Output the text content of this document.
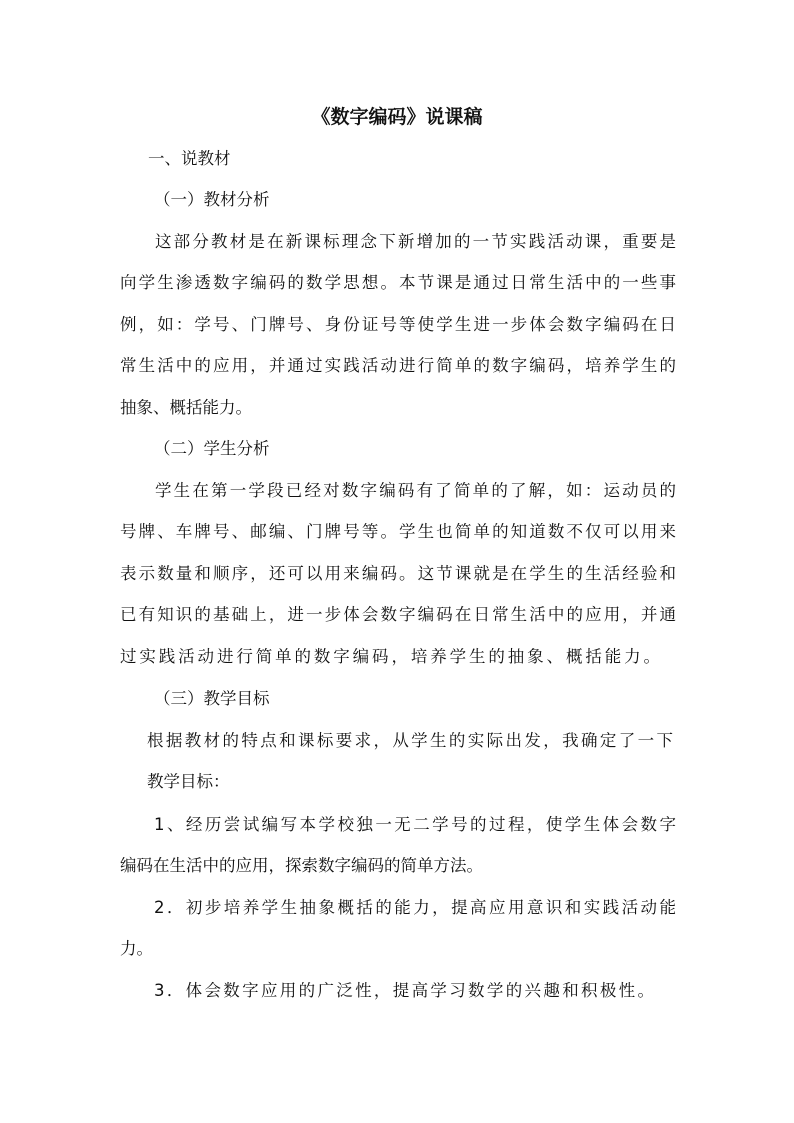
《数字编码》说课稿
一、说教材
（一）教材分析
这部分教材是在新课标理念下新增加的一节实践活动课，重要是
向学生渗透数字编码的数学思想。本节课是通过日常生活中的一些事
例，如：学号、门牌号、身份证号等使学生进一步体会数字编码在日
常生活中的应用，并通过实践活动进行简单的数字编码，培养学生的
抽象、概括能力。
（二）学生分析
学生在第一学段已经对数字编码有了简单的了解，如：运动员的
号牌、车牌号、邮编、门牌号等。学生也简单的知道数不仅可以用来
表示数量和顺序，还可以用来编码。这节课就是在学生的生活经验和
已有知识的基础上，进一步体会数字编码在日常生活中的应用，并通
过实践活动进行简单的数字编码，培养学生的抽象、概括能力。
（三）教学目标
根据教材的特点和课标要求，从学生的实际出发，我确定了一下
教学目标：
1、经历尝试编写本学校独一无二学号的过程，使学生体会数字
编码在生活中的应用，探索数字编码的简单方法。
2．初步培养学生抽象概括的能力，提高应用意识和实践活动能
力。
3．体会数字应用的广泛性，提高学习数学的兴趣和积极性。
